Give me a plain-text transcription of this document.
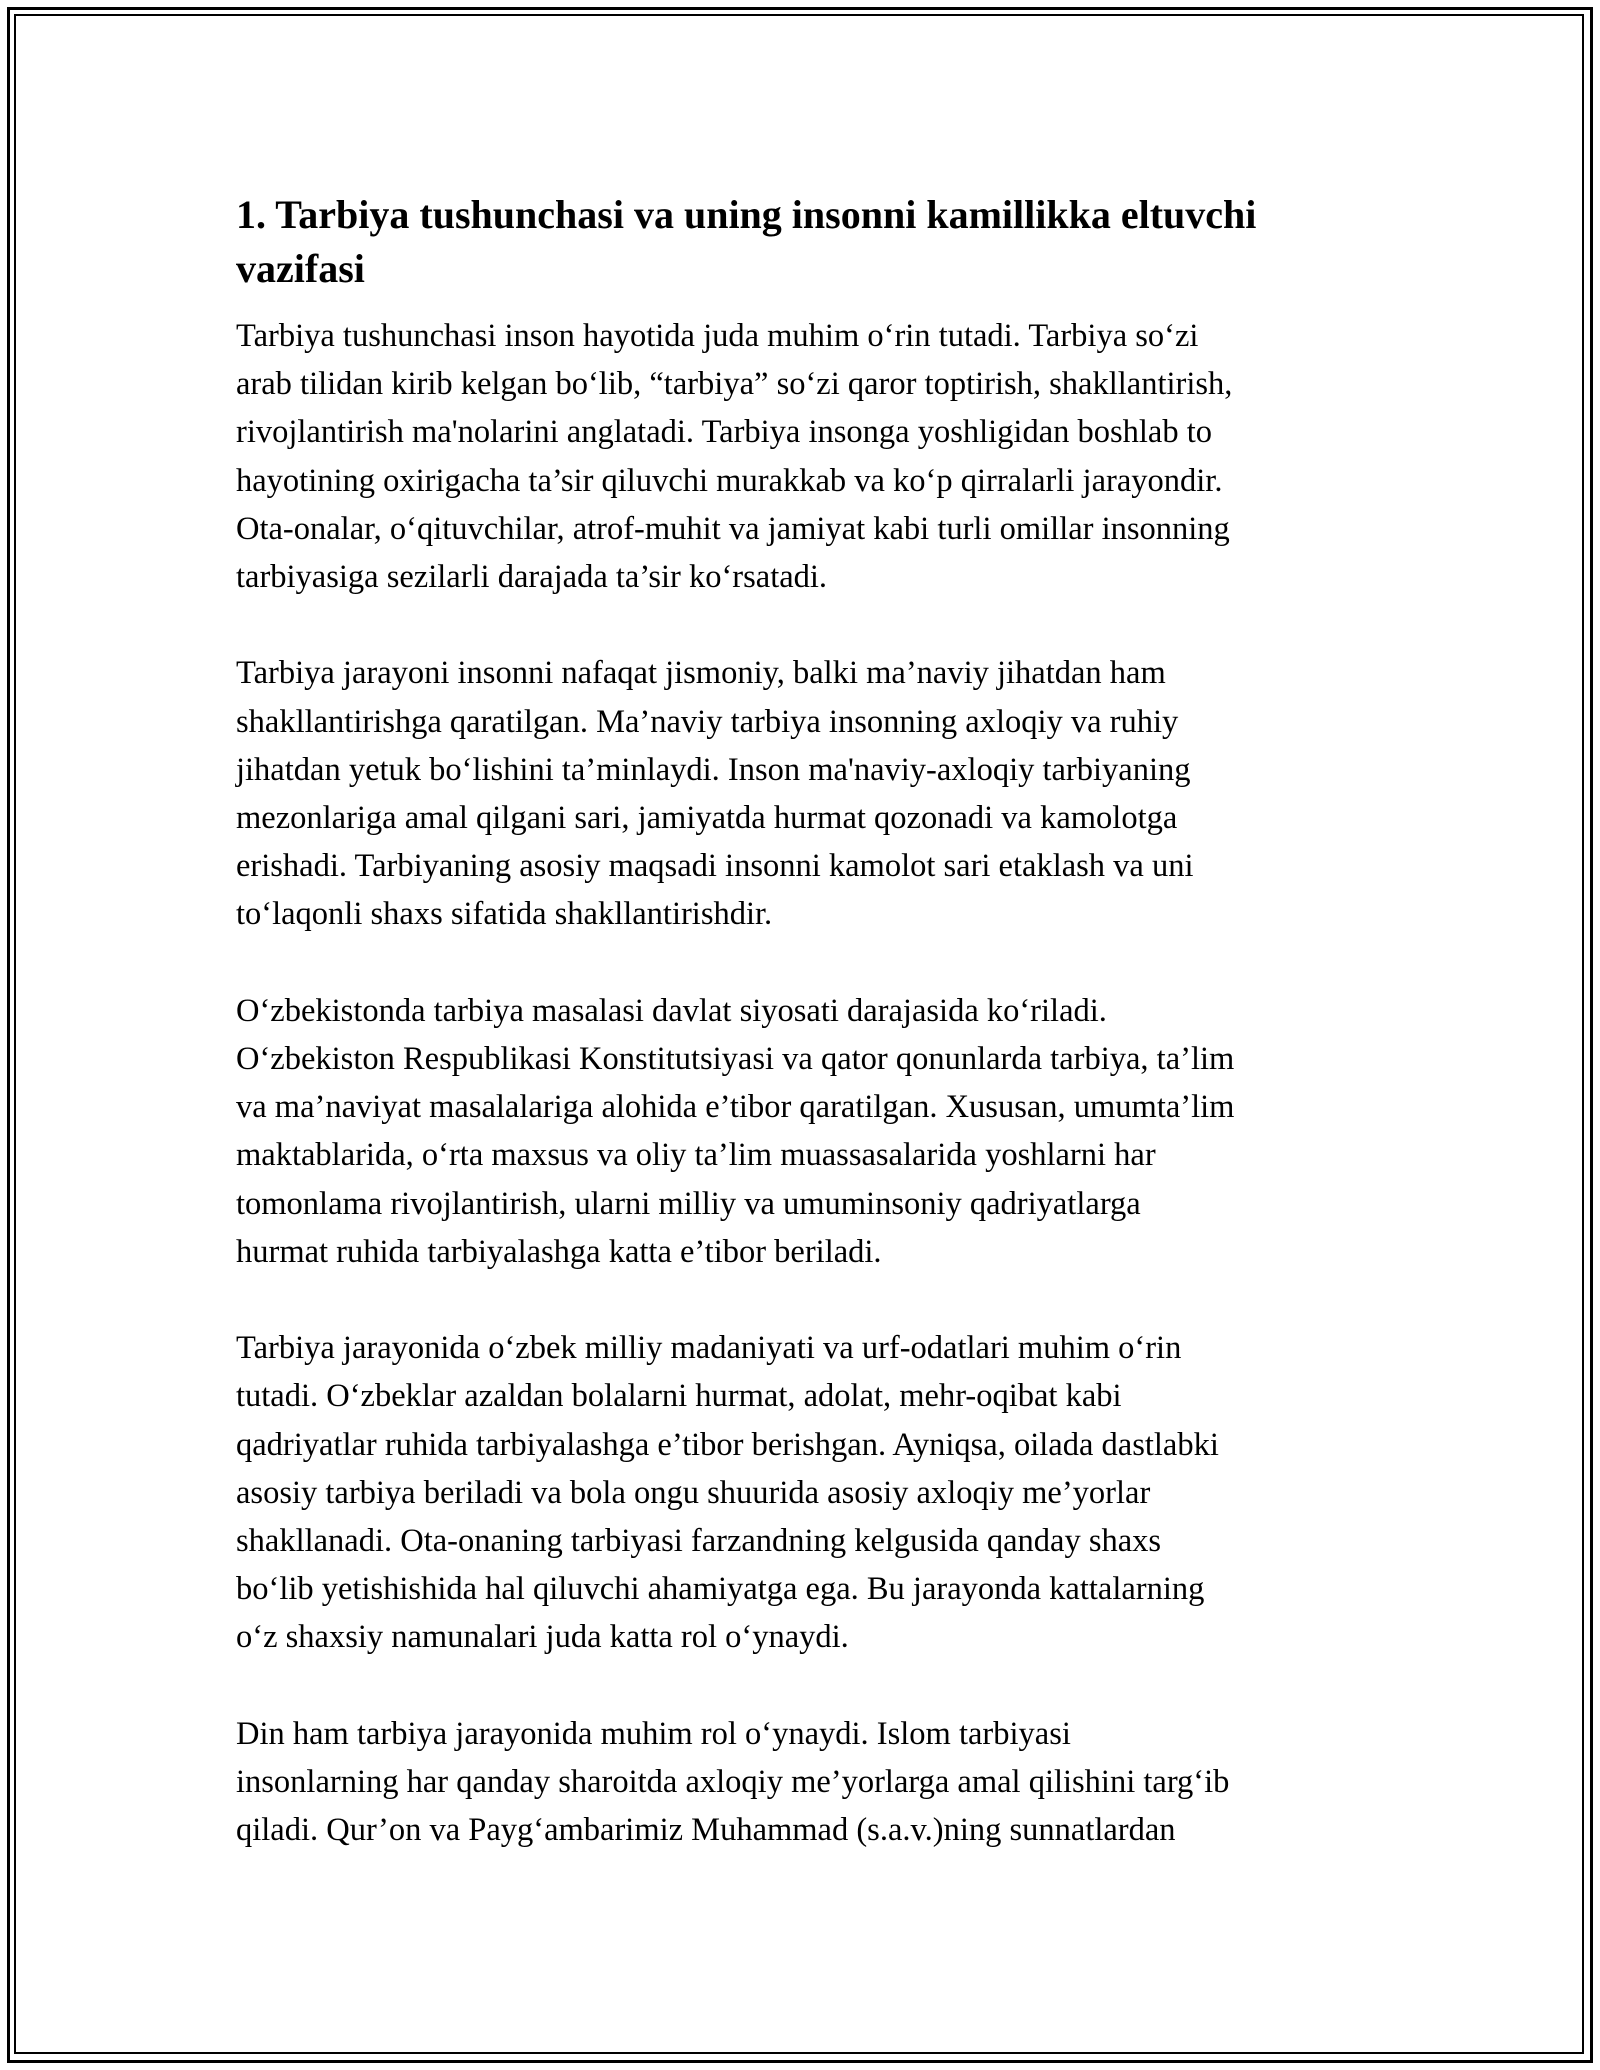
1. Tarbiya tushunchasi va uning insonni kamillikka eltuvchi
vazifasi

Tarbiya tushunchasi inson hayotida juda muhim o‘rin tutadi. Tarbiya so‘zi
arab tilidan kirib kelgan bo‘lib, “tarbiya” so‘zi qaror toptirish, shakllantirish,
rivojlantirish ma'nolarini anglatadi. Tarbiya insonga yoshligidan boshlab to
hayotining oxirigacha ta’sir qiluvchi murakkab va ko‘p qirralarli jarayondir.
Ota-onalar, o‘qituvchilar, atrof-muhit va jamiyat kabi turli omillar insonning
tarbiyasiga sezilarli darajada ta’sir ko‘rsatadi.

Tarbiya jarayoni insonni nafaqat jismoniy, balki ma’naviy jihatdan ham
shakllantirishga qaratilgan. Ma’naviy tarbiya insonning axloqiy va ruhiy
jihatdan yetuk bo‘lishini ta’minlaydi. Inson ma'naviy-axloqiy tarbiyaning
mezonlariga amal qilgani sari, jamiyatda hurmat qozonadi va kamolotga
erishadi. Tarbiyaning asosiy maqsadi insonni kamolot sari etaklash va uni
to‘laqonli shaxs sifatida shakllantirishdir.

O‘zbekistonda tarbiya masalasi davlat siyosati darajasida ko‘riladi.
O‘zbekiston Respublikasi Konstitutsiyasi va qator qonunlarda tarbiya, ta’lim
va ma’naviyat masalalariga alohida e’tibor qaratilgan. Xususan, umumta’lim
maktablarida, o‘rta maxsus va oliy ta’lim muassasalarida yoshlarni har
tomonlama rivojlantirish, ularni milliy va umuminsoniy qadriyatlarga
hurmat ruhida tarbiyalashga katta e’tibor beriladi.

Tarbiya jarayonida o‘zbek milliy madaniyati va urf-odatlari muhim o‘rin
tutadi. O‘zbeklar azaldan bolalarni hurmat, adolat, mehr-oqibat kabi
qadriyatlar ruhida tarbiyalashga e’tibor berishgan. Ayniqsa, oilada dastlabki
asosiy tarbiya beriladi va bola ongu shuurida asosiy axloqiy me’yorlar
shakllanadi. Ota-onaning tarbiyasi farzandning kelgusida qanday shaxs
bo‘lib yetishishida hal qiluvchi ahamiyatga ega. Bu jarayonda kattalarning
o‘z shaxsiy namunalari juda katta rol o‘ynaydi.

Din ham tarbiya jarayonida muhim rol o‘ynaydi. Islom tarbiyasi
insonlarning har qanday sharoitda axloqiy me’yorlarga amal qilishini targ‘ib
qiladi. Qur’on va Payg‘ambarimiz Muhammad (s.a.v.)ning sunnatlardan
